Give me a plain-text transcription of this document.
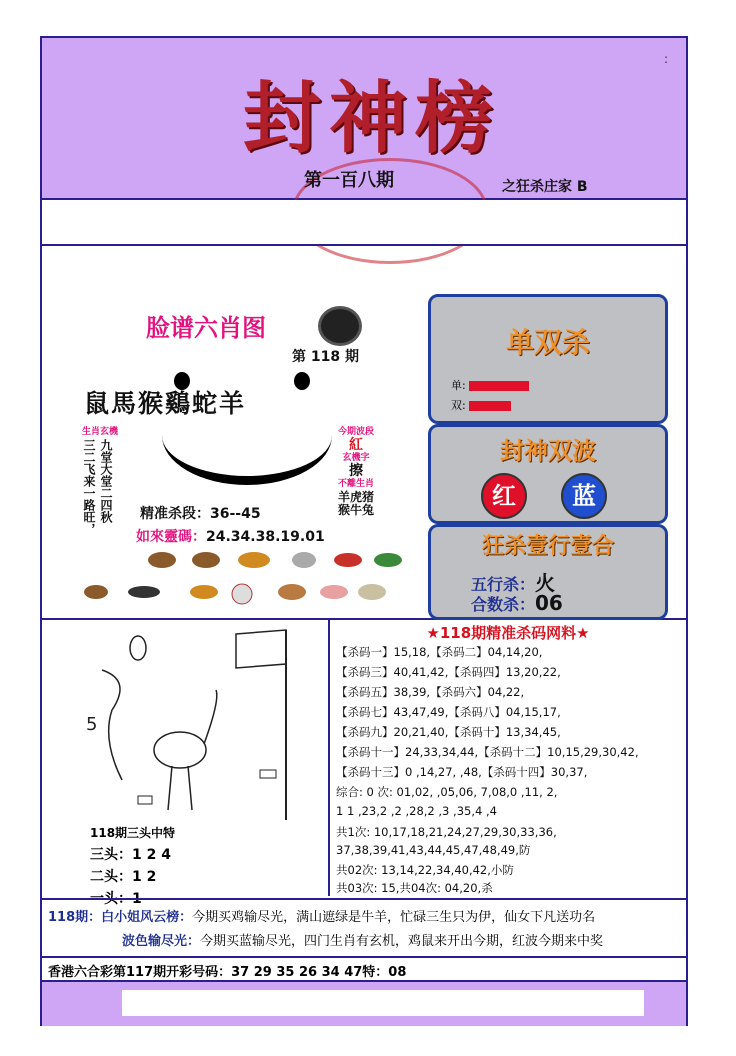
:
封神榜
第一百八期	之狂杀庄家 B
脸谱六肖图
第 118 期
鼠馬猴鷄蛇羊
生肖玄機
三二飞来一路旺， 九堂大堂二四秋
今期波段
紅
玄機字
擦
不離生肖
羊虎猪猴牛兔
精准杀段：36--45
如來靈碼：24.34.38.19.01
单双杀
单:
双:
封神双波
红	蓝
狂杀壹行壹合
五行杀：火
合数杀：06
5
118期三头中特
三头：1 2 4
二头：1 2
一头：1
★118期精准杀码网料★
【杀码一】15,18,【杀码二】04,14,20,
【杀码三】40,41,42,【杀码四】13,20,22,
【杀码五】38,39,【杀码六】04,22,
【杀码七】43,47,49,【杀码八】04,15,17,
【杀码九】20,21,40,【杀码十】13,34,45,
【杀码十一】24,33,34,44,【杀码十二】10,15,29,30,42,
【杀码十三】0 ,14,27, ,48,【杀码十四】30,37,
综合: 0 次: 01,02, ,05,06, 7,08,0 ,11, 2,
1 1 ,23,2 ,2 ,28,2 ,3 ,35,4 ,4
共1次: 10,17,18,21,24,27,29,30,33,36,
37,38,39,41,43,44,45,47,48,49,防
共02次: 13,14,22,34,40,42,小防
共03次: 15,共04次: 04,20,杀
118期：白小姐风云榜：今期买鸡输尽光，满山遮绿是牛羊，忙碌三生只为伊，仙女下凡送功名
波色输尽光：今期买蓝输尽光，四门生肖有玄机，鸡鼠来开出今期，红波今期来中奖
香港六合彩第117期开彩号码：37 29 35 26 34 47特：08
